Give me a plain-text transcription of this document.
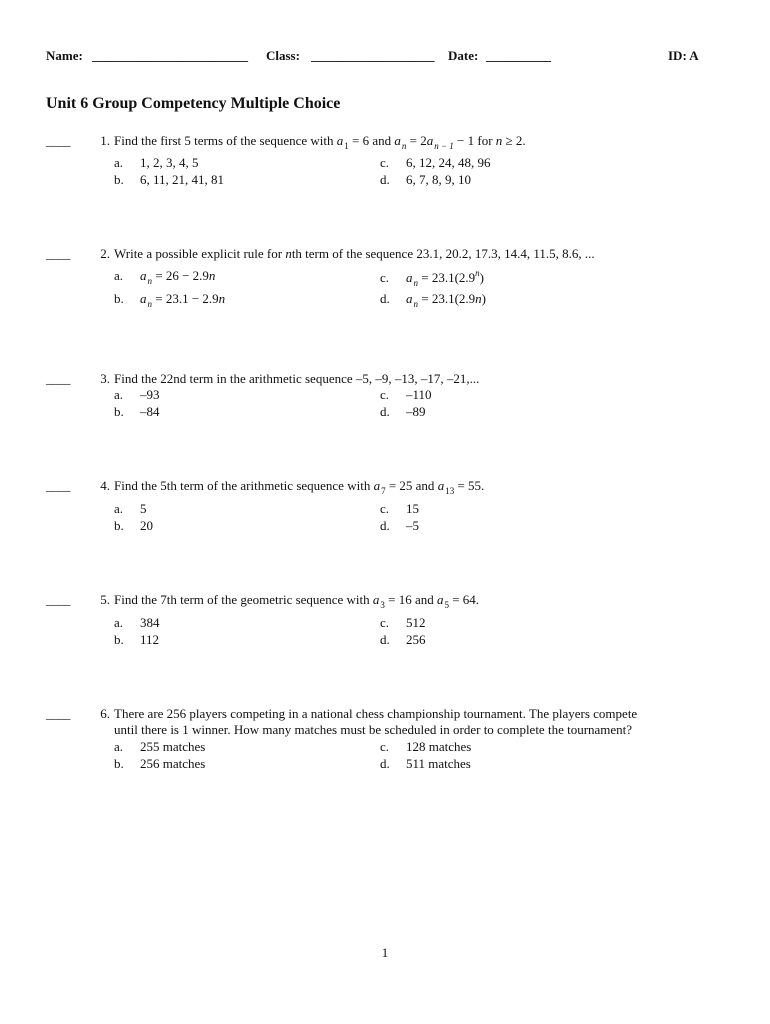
Name: ________________________ Class: ___________________ Date: __________	ID: A
Unit 6 Group Competency Multiple Choice
____	1. Find the first 5 terms of the sequence with $a_1 = 6$ and $a_n = 2a_{n - 1} - 1$ for n ≥ 2.
a. 1, 2, 3, 4, 5
b. 6, 11, 21, 41, 81
c. 6, 12, 24, 48, 96
d. 6, 7, 8, 9, 10
____	2. Write a possible explicit rule for nth term of the sequence 23.1, 20.2, 17.3, 14.4, 11.5, 8.6, ...
a. $a_n = 26 - 2.9n$
b. $a_n = 23.1 - 2.9n$
c. $a_n = 23.1(2.9^n)$
d. $a_n = 23.1(2.9n)$
____	3. Find the 22nd term in the arithmetic sequence –5, –9, –13, –17, –21,...
a. –93
b. –84
c. –110
d. –89
____	4. Find the 5th term of the arithmetic sequence with $a_7 = 25$ and $a_{13} = 55$.
a. 5
b. 20
c. 15
d. –5
____	5. Find the 7th term of the geometric sequence with $a_3 = 16$ and $a_5 = 64$.
a. 384
b. 112
c. 512
d. 256
____	6. There are 256 players competing in a national chess championship tournament. The players compete
until there is 1 winner. How many matches must be scheduled in order to complete the tournament?
a. 255 matches
b. 256 matches
c. 128 matches
d. 511 matches
1
